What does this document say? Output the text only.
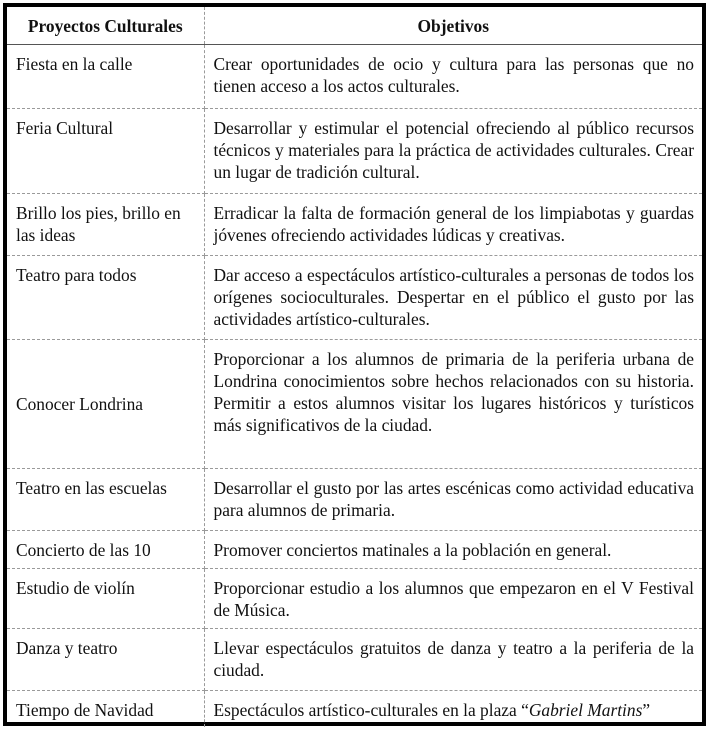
Proyectos Culturales	Objetivos
Fiesta en la calle	Crear oportunidades de ocio y cultura para las personas que no tienen acceso a los actos culturales.
Feria Cultural	Desarrollar y estimular el potencial ofreciendo al público recursos técnicos y materiales para la práctica de actividades culturales. Crear un lugar de tradición cultural.
Brillo los pies, brillo en las ideas	Erradicar la falta de formación general de los limpiabotas y guardas jóvenes ofreciendo actividades lúdicas y creativas.
Teatro para todos	Dar acceso a espectáculos artístico-culturales a personas de todos los orígenes socioculturales. Despertar en el público el gusto por las actividades artístico-culturales.
Conocer Londrina	Proporcionar a los alumnos de primaria de la periferia urbana de Londrina conocimientos sobre hechos relacionados con su historia. Permitir a estos alumnos visitar los lugares históricos y turísticos más significativos de la ciudad.
Teatro en las escuelas	Desarrollar el gusto por las artes escénicas como actividad educativa para alumnos de primaria.
Concierto de las 10	Promover conciertos matinales a la población en general.
Estudio de violín	Proporcionar estudio a los alumnos que empezaron en el V Festival de Música.
Danza y teatro	Llevar espectáculos gratuitos de danza y teatro a la periferia de la ciudad.
Tiempo de Navidad	Espectáculos artístico-culturales en la plaza “Gabriel Martins”
